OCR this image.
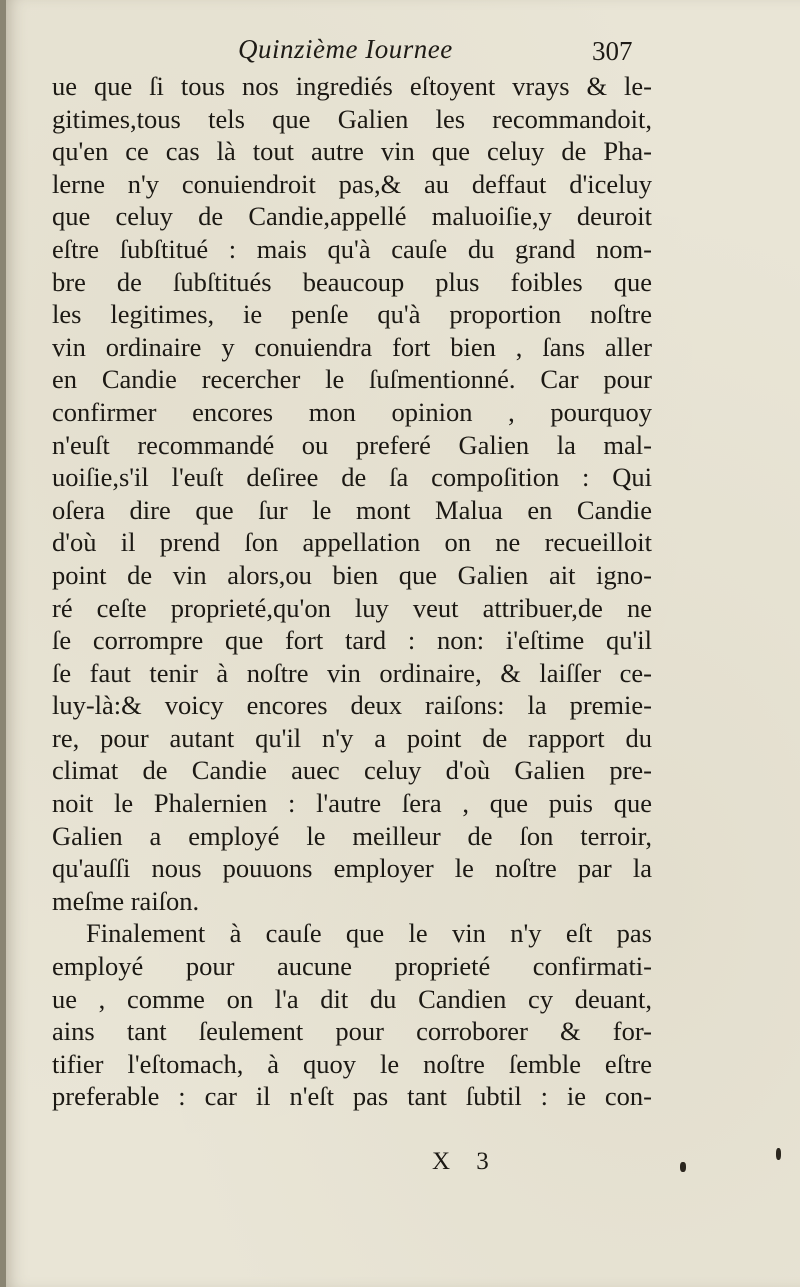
Quinzième Iournee	307
ue que ſi tous nos ingrediés eſtoyent vrays & le-
gitimes,tous tels que Galien les recommandoit,
qu'en ce cas là tout autre vin que celuy de Pha-
lerne n'y conuiendroit pas,& au deffaut d'iceluy
que celuy de Candie,appellé maluoiſie,y deuroit
eſtre ſubſtitué : mais qu'à cauſe du grand nom-
bre de ſubſtitués beaucoup plus foibles que
les legitimes, ie penſe qu'à proportion noſtre
vin ordinaire y conuiendra fort bien , ſans aller
en Candie recercher le ſuſmentionné. Car pour
confirmer encores mon opinion , pourquoy
n'euſt recommandé ou preferé Galien la mal-
uoiſie,s'il l'euſt deſiree de ſa compoſition : Qui
oſera dire que ſur le mont Malua en Candie
d'où il prend ſon appellation on ne recueilloit
point de vin alors,ou bien que Galien ait igno-
ré ceſte proprieté,qu'on luy veut attribuer,de ne
ſe corrompre que fort tard : non: i'eſtime qu'il
ſe faut tenir à noſtre vin ordinaire, & laiſſer ce-
luy-là:& voicy encores deux raiſons: la premie-
re, pour autant qu'il n'y a point de rapport du
climat de Candie auec celuy d'où Galien pre-
noit le Phalernien : l'autre ſera , que puis que
Galien a employé le meilleur de ſon terroir,
qu'auſſi nous pouuons employer le noſtre par la
meſme raiſon.
Finalement à cauſe que le vin n'y eſt pas
employé pour aucune proprieté confirmati-
ue , comme on l'a dit du Candien cy deuant,
ains tant ſeulement pour corroborer & for-
tifier l'eſtomach, à quoy le noſtre ſemble eſtre
preferable : car il n'eſt pas tant ſubtil : ie con-
X 3
